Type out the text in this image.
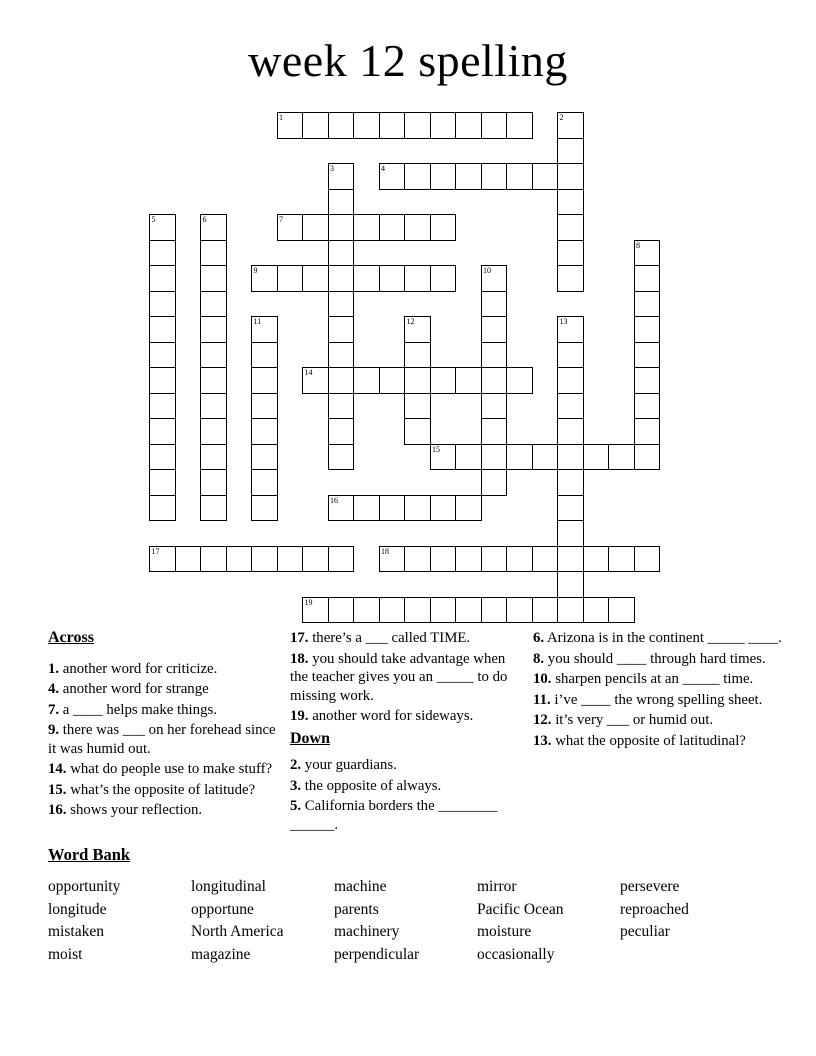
week 12 spelling
1	2
3	4
5	6	7
8
9	10
11	12	13
14
15
16
17	18
19
Across

1. another word for criticize.

4. another word for strange

7. a ____ helps make things.

9. there was ___ on her forehead since it was humid out.

14. what do people use to make stuff?

15. what’s the opposite of latitude?

16. shows your reflection.

17. there’s a ___ called TIME.

18. you should take advantage when the teacher gives you an _____ to do missing work.

19. another word for sideways.

Down

2. your guardians.

3. the opposite of always.

5. California borders the ________ ______.

6. Arizona is in the continent _____ ____.

8. you should ____ through hard times.

10. sharpen pencils at an _____ time.

11. i’ve ____ the wrong spelling sheet.

12. it’s very ___ or humid out.

13. what the opposite of latitudinal?

Word Bank
opportunity
longitude
mistaken
moist
longitudinal
opportune
North America
magazine
machine
parents
machinery
perpendicular
mirror
Pacific Ocean
moisture
occasionally
persevere
reproached
peculiar
